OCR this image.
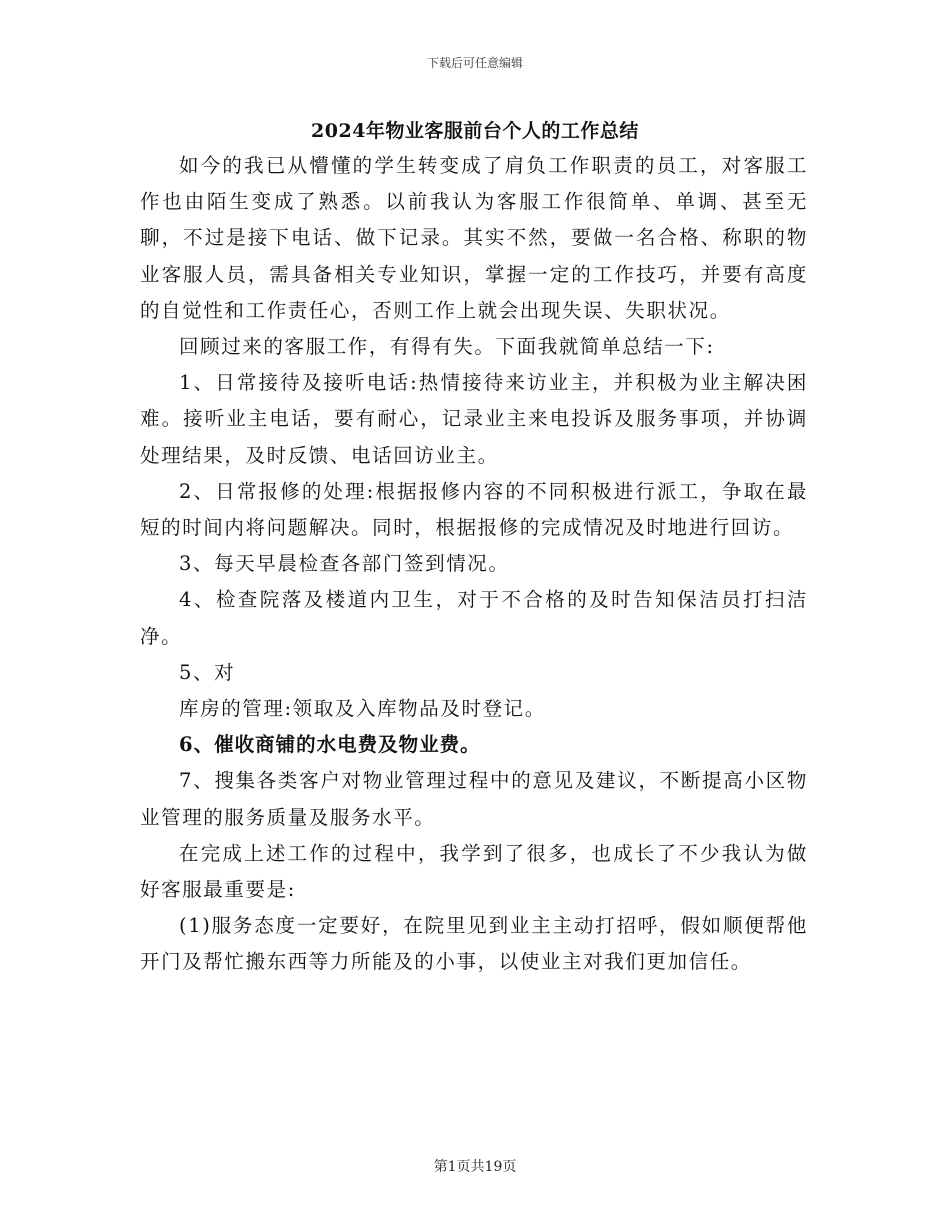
下载后可任意编辑
2024年物业客服前台个人的工作总结

如今的我已从懵懂的学生转变成了肩负工作职责的员工，对客服工作也由陌生变成了熟悉。以前我认为客服工作很简单、单调、甚至无聊，不过是接下电话、做下记录。其实不然，要做一名合格、称职的物业客服人员，需具备相关专业知识，掌握一定的工作技巧，并要有高度的自觉性和工作责任心，否则工作上就会出现失误、失职状况。

回顾过来的客服工作，有得有失。下面我就简单总结一下:

1、日常接待及接听电话:热情接待来访业主，并积极为业主解决困难。接听业主电话，要有耐心，记录业主来电投诉及服务事项，并协调处理结果，及时反馈、电话回访业主。

2、日常报修的处理:根据报修内容的不同积极进行派工，争取在最短的时间内将问题解决。同时，根据报修的完成情况及时地进行回访。

3、每天早晨检查各部门签到情况。

4、检查院落及楼道内卫生，对于不合格的及时告知保洁员打扫洁净。

5、对

库房的管理:领取及入库物品及时登记。

6、催收商铺的水电费及物业费。

7、搜集各类客户对物业管理过程中的意见及建议，不断提高小区物业管理的服务质量及服务水平。

在完成上述工作的过程中，我学到了很多，也成长了不少我认为做好客服最重要是:

(1)服务态度一定要好，在院里见到业主主动打招呼，假如顺便帮他开门及帮忙搬东西等力所能及的小事，以使业主对我们更加信任。

第1页共19页
